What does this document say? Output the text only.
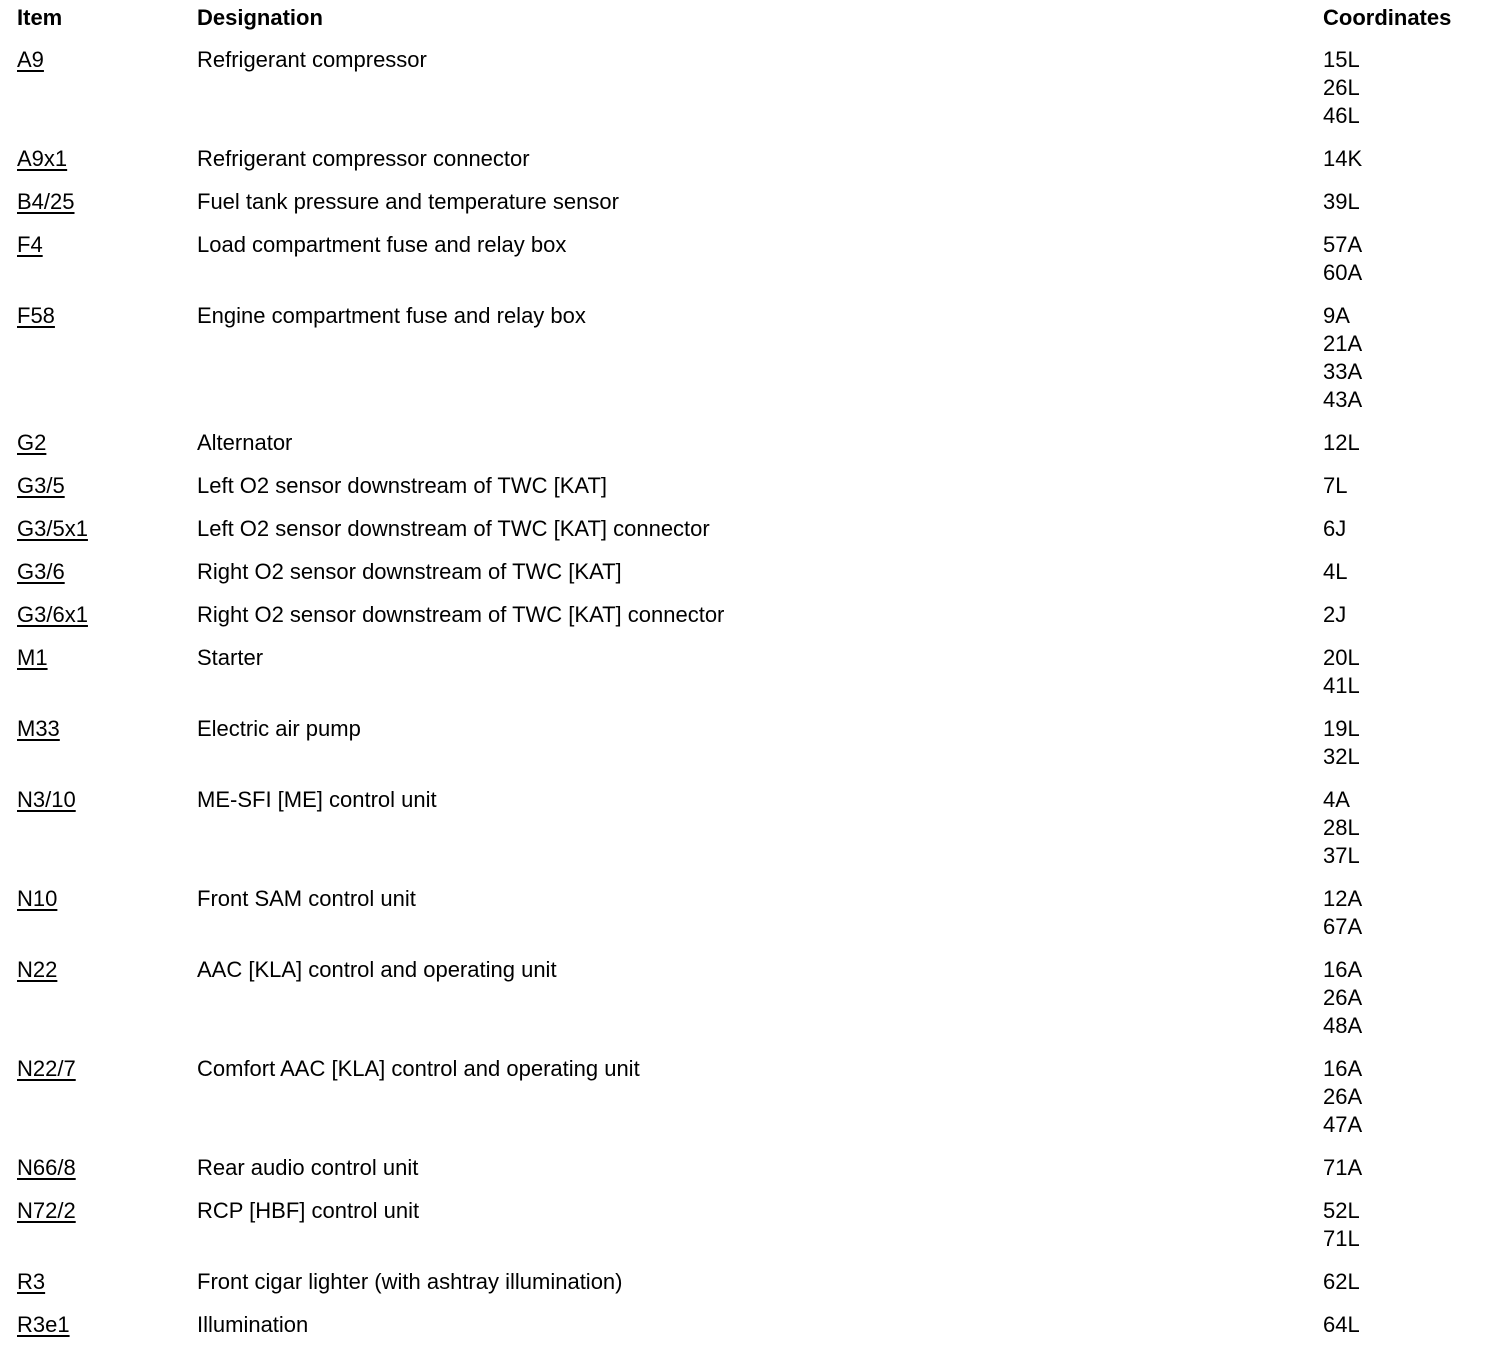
Item	Designation	Coordinates
A9	Refrigerant compressor	15L
26L
46L
A9x1	Refrigerant compressor connector	14K
B4/25	Fuel tank pressure and temperature sensor	39L
F4	Load compartment fuse and relay box	57A
60A
F58	Engine compartment fuse and relay box	9A
21A
33A
43A
G2	Alternator	12L
G3/5	Left O2 sensor downstream of TWC [KAT]	7L
G3/5x1	Left O2 sensor downstream of TWC [KAT] connector	6J
G3/6	Right O2 sensor downstream of TWC [KAT]	4L
G3/6x1	Right O2 sensor downstream of TWC [KAT] connector	2J
M1	Starter	20L
41L
M33	Electric air pump	19L
32L
N3/10	ME-SFI [ME] control unit	4A
28L
37L
N10	Front SAM control unit	12A
67A
N22	AAC [KLA] control and operating unit	16A
26A
48A
N22/7	Comfort AAC [KLA] control and operating unit	16A
26A
47A
N66/8	Rear audio control unit	71A
N72/2	RCP [HBF] control unit	52L
71L
R3	Front cigar lighter (with ashtray illumination)	62L
R3e1	Illumination	64L
